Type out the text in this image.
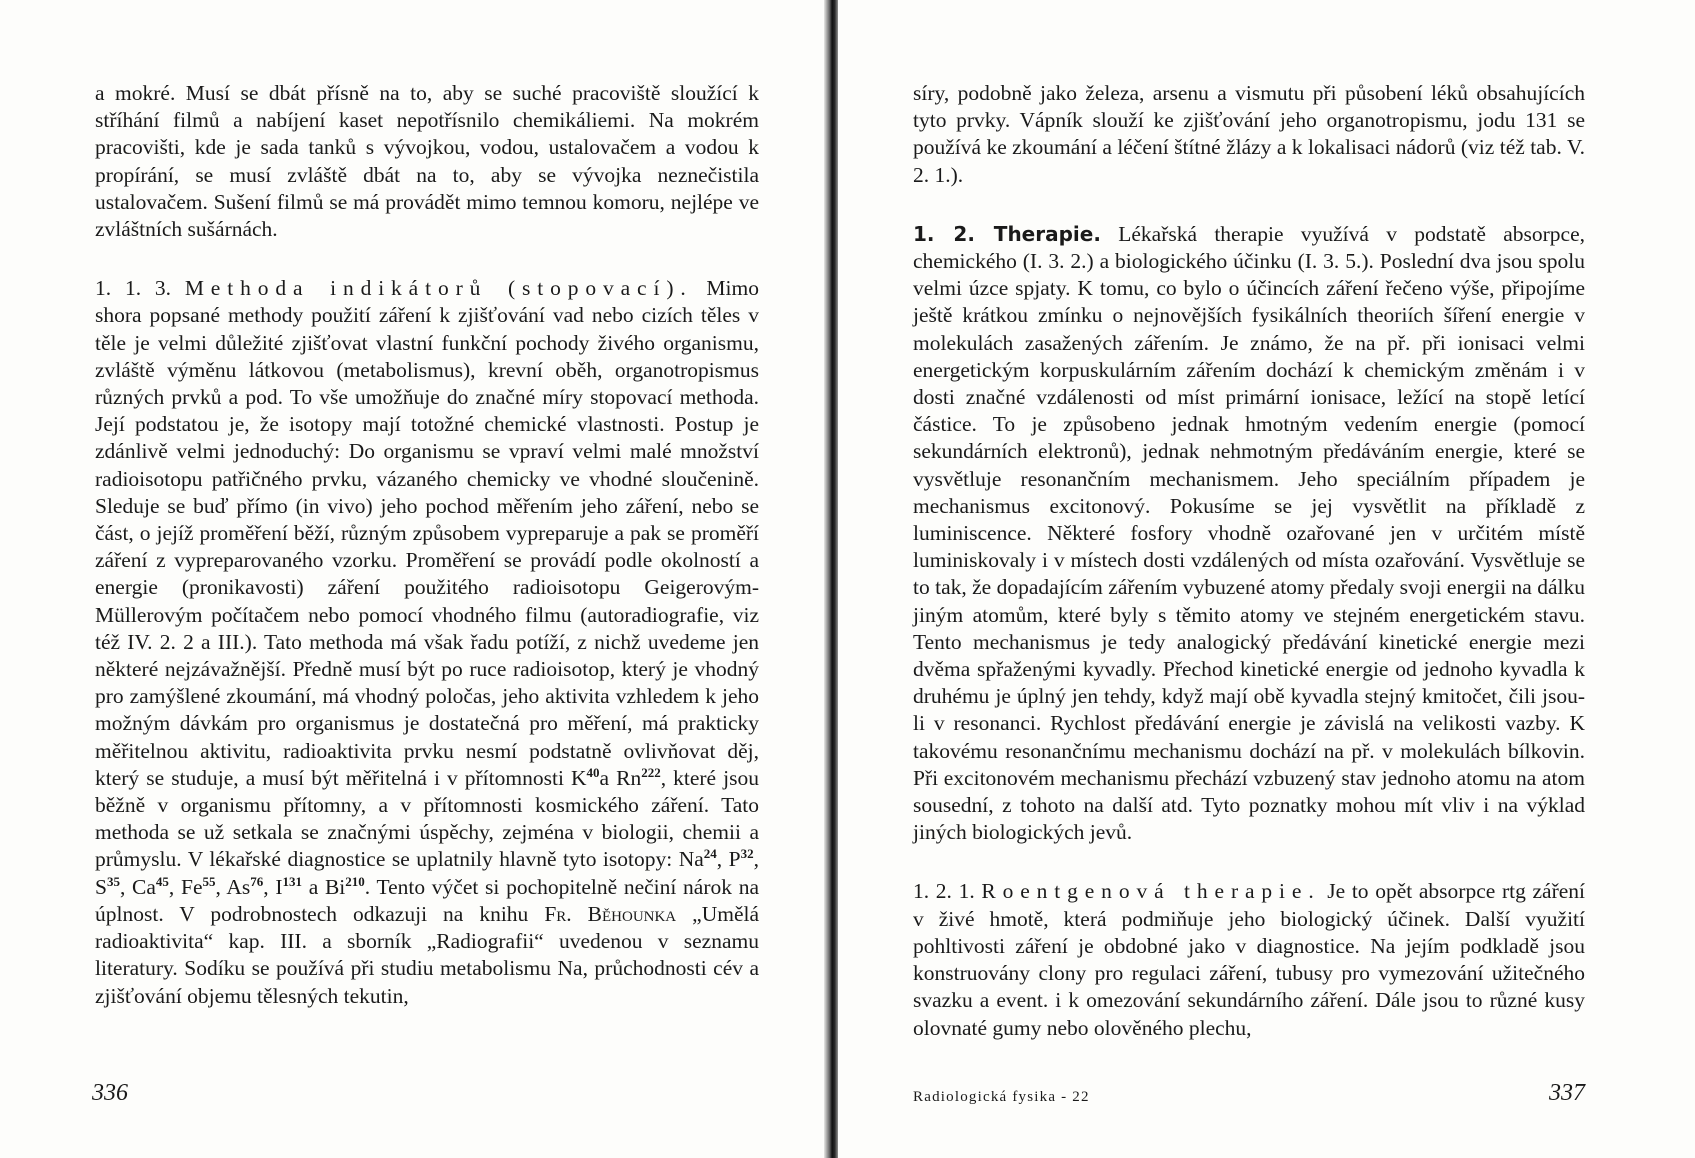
a mokré. Musí se dbát přísně na to, aby se suché pracoviště sloužící k stříhání filmů a nabíjení kaset nepotřísnilo chemikáliemi. Na mokrém pracovišti, kde je sada tanků s vývojkou, vodou, ustalovačem a vodou k propírání, se musí zvláště dbát na to, aby se vývojka neznečistila ustalovačem. Sušení filmů se má provádět mimo temnou komoru, nejlépe ve zvláštních sušárnách.

1. 1. 3. Methoda indikátorů (stopovací). Mimo shora popsané methody použití záření k zjišťování vad nebo cizích těles v těle je velmi důležité zjišťovat vlastní funkční pochody živého organismu, zvláště výměnu látkovou (metabolismus), krevní oběh, organotropismus různých prvků a pod. To vše umožňuje do značné míry stopovací methoda. Její podstatou je, že isotopy mají totožné chemické vlastnosti. Postup je zdánlivě velmi jednoduchý: Do organismu se vpraví velmi malé množství radioisotopu patřičného prvku, vázaného chemicky ve vhodné sloučenině. Sleduje se buď přímo (in vivo) jeho pochod měřením jeho záření, nebo se část, o jejíž proměření běží, různým způsobem vypreparuje a pak se proměří záření z vypreparovaného vzorku. Proměření se provádí podle okolností a energie (pronikavosti) záření použitého radioisotopu Geigerovým-Müllerovým počítačem nebo pomocí vhodného filmu (autoradiografie, viz též IV. 2. 2 a III.). Tato methoda má však řadu potíží, z nichž uvedeme jen některé nejzávažnější. Předně musí být po ruce radioisotop, který je vhodný pro zamýšlené zkoumání, má vhodný poločas, jeho aktivita vzhledem k jeho možným dávkám pro organismus je dostatečná pro měření, má prakticky měřitelnou aktivitu, radioaktivita prvku nesmí podstatně ovlivňovat děj, který se studuje, a musí být měřitelná i v přítomnosti $K^{40}a$ Rn$^{222}$, které jsou běžně v organismu přítomny, a v přítomnosti kosmického záření. Tato methoda se už setkala se značnými úspěchy, zejména v biologii, chemii a průmyslu. V lékařské diagnostice se uplatnily hlavně tyto isotopy: Na$^{24}$, $P^{32}$, $S^{35}$, Ca$^{45}$, Fe$^{55}$, As$^{76}$, $I^{131}$ a Bi$^{210}$. Tento výčet si pochopitelně nečiní nárok na úplnost. V podrobnostech odkazuji na knihu Fr. Běhounka „Umělá radioaktivita“ kap. III. a sborník „Radiografii“ uvedenou v seznamu literatury. Sodíku se používá při studiu metabolismu Na, průchodnosti cév a zjišťování objemu tělesných tekutin,

336

síry, podobně jako železa, arsenu a vismutu při působení léků obsahujících tyto prvky. Vápník slouží ke zjišťování jeho organotropismu, jodu 131 se používá ke zkoumání a léčení štítné žlázy a k lokalisaci nádorů (viz též tab. V. 2. 1.).

1. 2. Therapie. Lékařská therapie využívá v podstatě absorpce, chemického (I. 3. 2.) a biologického účinku (I. 3. 5.). Poslední dva jsou spolu velmi úzce spjaty. K tomu, co bylo o účincích záření řečeno výše, připojíme ještě krátkou zmínku o nejnovějších fysikálních theoriích šíření energie v molekulách zasažených zářením. Je známo, že na př. při ionisaci velmi energetickým korpuskulárním zářením dochází k chemickým změnám i v dosti značné vzdálenosti od míst primární ionisace, ležící na stopě letící částice. To je způsobeno jednak hmotným vedením energie (pomocí sekundárních elektronů), jednak nehmotným předáváním energie, které se vysvětluje resonančním mechanismem. Jeho speciálním případem je mechanismus excitonový. Pokusíme se jej vysvětlit na příkladě z luminiscence. Některé fosfory vhodně ozařované jen v určitém místě luminiskovaly i v místech dosti vzdálených od místa ozařování. Vysvětluje se to tak, že dopadajícím zářením vybuzené atomy předaly svoji energii na dálku jiným atomům, které byly s těmito atomy ve stejném energetickém stavu. Tento mechanismus je tedy analogický předávání kinetické energie mezi dvěma spřaženými kyvadly. Přechod kinetické energie od jednoho kyvadla k druhému je úplný jen tehdy, když mají obě kyvadla stejný kmitočet, čili jsou-li v resonanci. Rychlost předávání energie je závislá na velikosti vazby. K takovému resonančnímu mechanismu dochází na př. v molekulách bílkovin. Při excitonovém mechanismu přechází vzbuzený stav jednoho atomu na atom sousední, z tohoto na další atd. Tyto poznatky mohou mít vliv i na výklad jiných biologických jevů.

1. 2. 1. Roentgenová therapie. Je to opět absorpce rtg záření v živé hmotě, která podmiňuje jeho biologický účinek. Další využití pohltivosti záření je obdobné jako v diagnostice. Na jejím podkladě jsou konstruovány clony pro regulaci záření, tubusy pro vymezování užitečného svazku a event. i k omezování sekundárního záření. Dále jsou to různé kusy olovnaté gumy nebo olověného plechu,

Radiologická fysika - 22	337
